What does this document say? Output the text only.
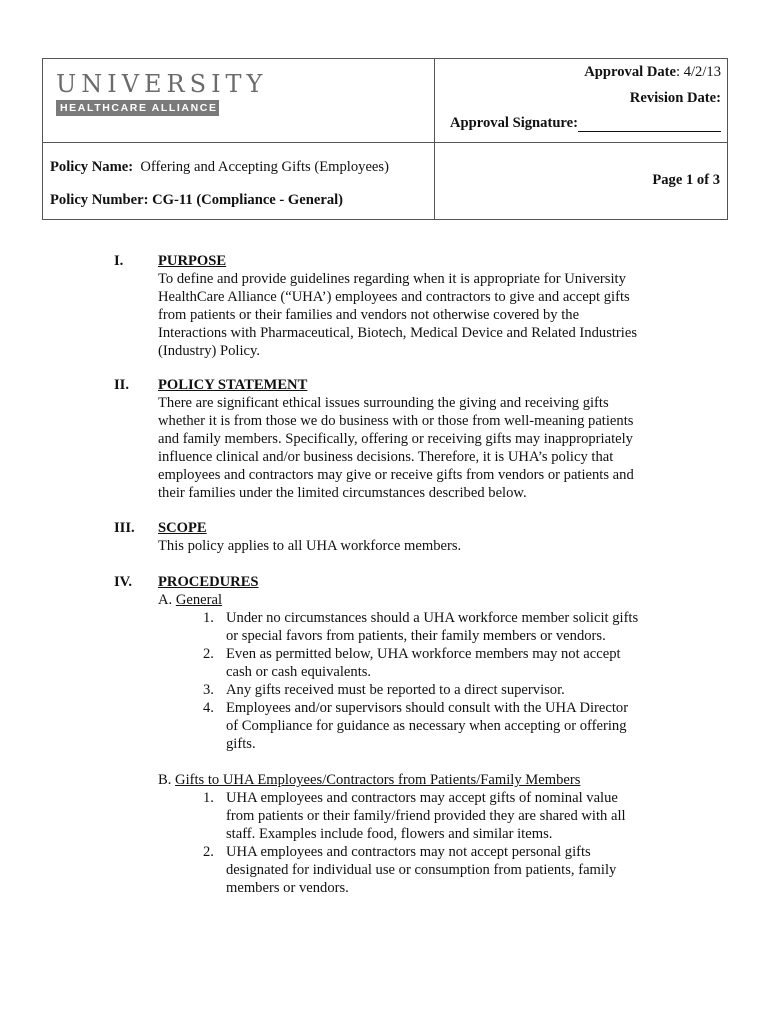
UNIVERSITY
HEALTHCARE ALLIANCE
Approval Date: 4/2/13
Revision Date:
Approval Signature:
Policy Name: Offering and Accepting Gifts (Employees)
Policy Number: CG-11 (Compliance - General)
Page 1 of 3
I. PURPOSE
To define and provide guidelines regarding when it is appropriate for University
HealthCare Alliance (“UHA’) employees and contractors to give and accept gifts
from patients or their families and vendors not otherwise covered by the
Interactions with Pharmaceutical, Biotech, Medical Device and Related Industries
(Industry) Policy.
II. POLICY STATEMENT
There are significant ethical issues surrounding the giving and receiving gifts
whether it is from those we do business with or those from well-meaning patients
and family members. Specifically, offering or receiving gifts may inappropriately
influence clinical and/or business decisions. Therefore, it is UHA’s policy that
employees and contractors may give or receive gifts from vendors or patients and
their families under the limited circumstances described below.
III. SCOPE
This policy applies to all UHA workforce members.
IV. PROCEDURES
A. General
1. Under no circumstances should a UHA workforce member solicit gifts
or special favors from patients, their family members or vendors.
2. Even as permitted below, UHA workforce members may not accept
cash or cash equivalents.
3. Any gifts received must be reported to a direct supervisor.
4. Employees and/or supervisors should consult with the UHA Director
of Compliance for guidance as necessary when accepting or offering
gifts.
B. Gifts to UHA Employees/Contractors from Patients/Family Members
1. UHA employees and contractors may accept gifts of nominal value
from patients or their family/friend provided they are shared with all
staff. Examples include food, flowers and similar items.
2. UHA employees and contractors may not accept personal gifts
designated for individual use or consumption from patients, family
members or vendors.
